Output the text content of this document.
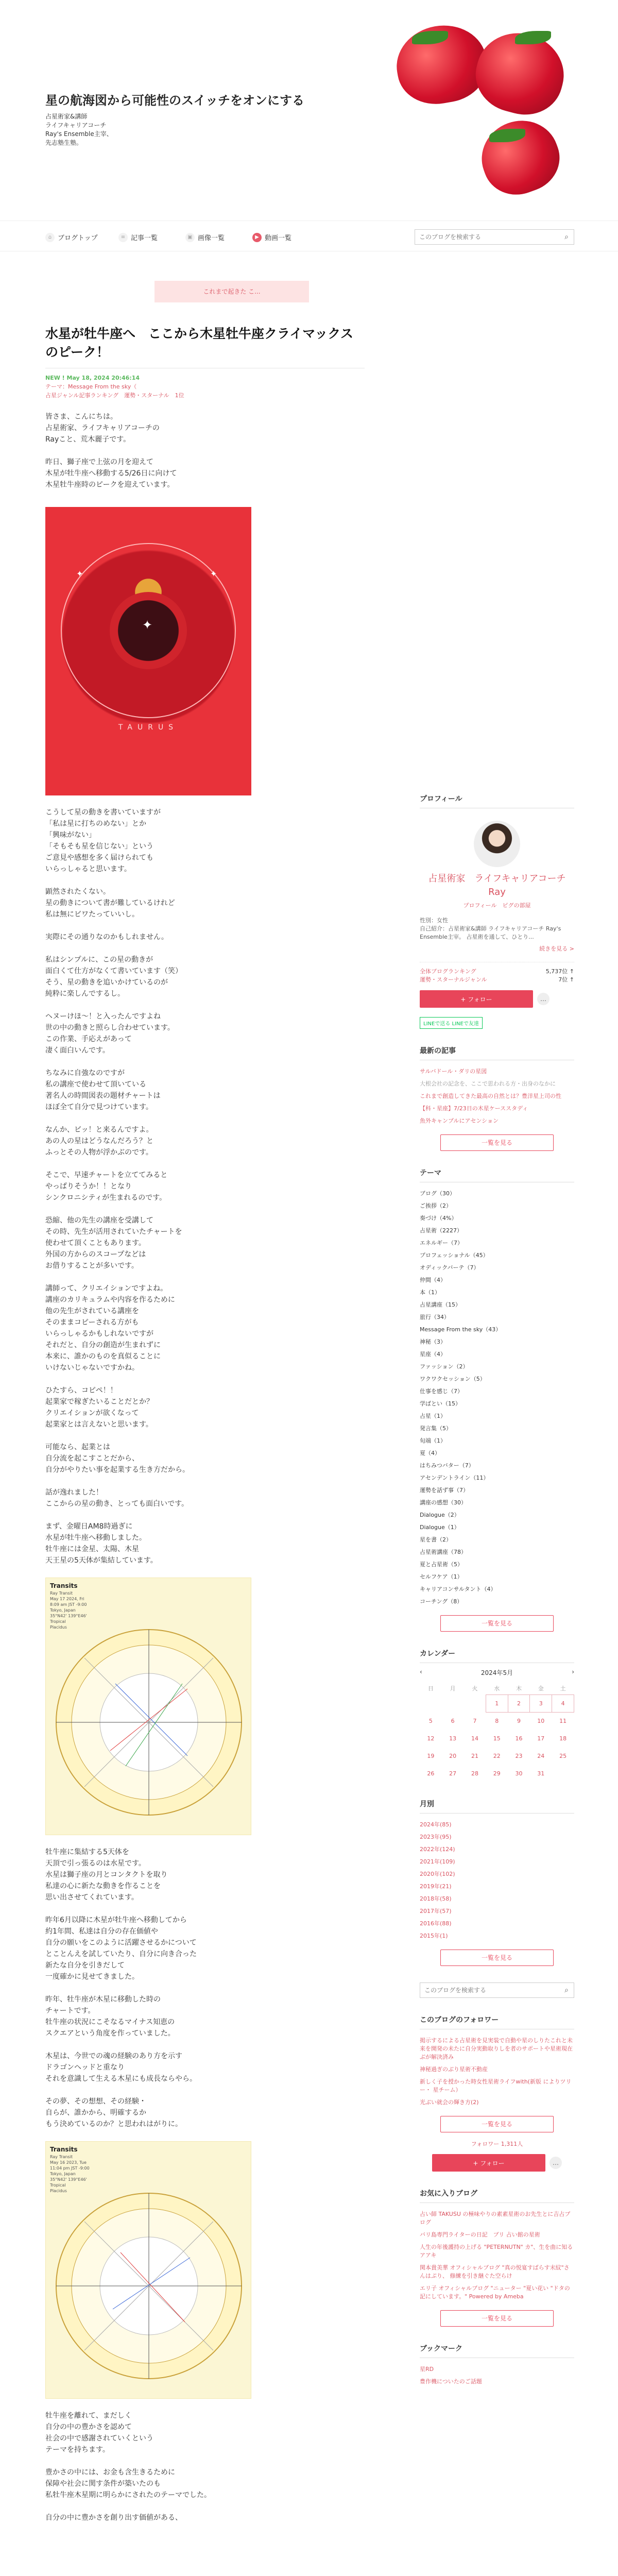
星の航海図から可能性のスイッチをオンにする
占星術家&講師
ライフキャリアコーチ
Ray's Ensemble主宰、
先志塾生塾。
⌂ ブログトップ	≡ 記事一覧	▣ 画像一覧	▶ 動画一覧
このブログを検索する	⌕
これまで起きた こ...
水星が牡牛座へ　ここから木星牡牛座クライマックスのピーク！
NEW ! May 18, 2024 20:46:14
テーマ：Message From the sky（
占星ジャンル記事ランキング　運勢・スターナル　1位
皆さま、こんにちは。
占星術家、ライフキャリアコーチの
Rayこと、荒木麗子です。
昨日、獅子座で上弦の月を迎えて
木星が牡牛座へ移動する5/26日に向けて
木星牡牛座時のピークを迎えています。
✦
✦	✦
TAURUS
こうして星の動きを書いていますが
「私は星に打ちのめない」とか
「興味がない」
「そもそも星を信じない」という
ご意見や感想を多く届けられても
いらっしゃると思います。
顕然されたくない。
星の動きについて書が難しているけれど
私は無にビワたっていいし。
実際にその通りなのかもしれません。
私はシンプルに、この星の動きが
面白くて仕方がなくて書いています（笑）
そう、星の動きを追いかけているのが
純粋に楽しんでするし。
ヘヌーけほ～！と入ったんですよね
世の中の動きと照らし合わせています。
この作業、手応えがあって
凄く面白いんです。
ちなみに自強なのですが
私の講座で使わせて頂いている
著名人の時間図表の題材チャートは
ほぼ全て自分で見つけています。
なんか、ビッ！と来るんですよ。
あの人の星はどうなんだろう？と
ふっとその人物が浮かぶのです。
そこで、早速チャートを立ててみると
やっぱりそうか！！となり
シンクロニシティが生まれるのです。
恐縮、他の先生の講座を受講して
その時、先生が活用されていたチャートを
使わせて頂くこともあります。
外国の方からのスコープなどは
お借りすることが多いです。
講師って、クリエイションですよね。
講座のカリキュラムや内容を作るために
他の先生がされている講座を
そのままコピーされる方がも
いらっしゃるかもしれないですが
それだと、自分の創造が生まれずに
本来に、誰かのものを真似ることに
いけないじゃないですかね。
ひたすら、コピペ！！
起業家で稼ぎたいることだとか？
クリエイションが欲くなって
起業家とは言えないと思います。
可能なら、起業とは
自分流を起こすことだから、
自分がやりたい事を起業する生き方だから。
話が逸れました！
ここからの星の動き、とっても面白いです。
まず、金曜日AM8時過ぎに
水星が牡牛座へ移動しました。
牡牛座には金星、太陽、木星
天王星の5天体が集結しています。
Transits
Ray Transit
May 17 2024, Fri
8:09 am JST -9:00
Tokyo, Japan
35°N42' 139°E46'
Tropical
Placidus
牡牛座に集結する5天体を
天頂で引っ張るのは水星です。
水星は獅子座の月とコンタクトを取り
私達の心に新たな動きを作ることを
思い出させてくれています。
昨年6月以降に木星が牡牛座へ移動してから
約1年間、私達は自分の存在価値や
自分の願いをこのように活躍させるかについて
とことんえを試していたり、自分に向き合った
新たな自分を引きだして
一度確かに見せてきました。
昨年、牡牛座が木星に移動した時の
チャートです。
牡牛座の状況にこそなるマイナス知恵の
スクエアという角度を作っていました。
木星は、今世での魂の経験のあり方を示す
ドラゴンヘッドと重なり
それを意識して生える木星にも成長ならやら。
その夢、その想想、その経験・
自らが、誰かから、明確するか
もう決めているのか？と思われはがりに。
Transits
Ray Transit
May 16 2023, Tue
11:04 pm JST -9:00
Tokyo, Japan
35°N42' 139°E46'
Tropical
Placidus
牡牛座を離れて、まだしく
自分の中の豊かさを認めて
社会の中で感謝されていくという
テーマを持ちます。
豊かさの中には、お金も含生きるために
保障や社会に関す条件が築いたのも
私牡牛座木星期に明らかにされたのテーマでした。
自分の中に豊かさを創り出す価値がある、
プロフィール
占星術家　ライフキャリアコーチ
Ray
プロフィール　ピグの部屋
性別：女性
自己紹介：占星術家&講師 ライフキャリアコーチ Ray's Ensemble主宰。 占星術を通して、ひとり...
続きを見る >
全体ブログランキング
運勢・スターナルジャンル
5,737位 ↑
7位 ↑
+ フォロー	…
LINEで送る LINEで友達
最新の記事
サルバドール・ダリの星図
大根会社の記念を、ここで思われる方・出身のなかに
これまで創造してきた最高の自然とは？豊洋星上司の性
【科・星座】7/23日の木星ケーススタディ
魚外キャンプルにアセンション
一覧を見る
テーマ
ブログ（30）
ご挨拶（2）
奏づけ（4%）
占星術（2227）
エネルギー（7）
プロフェッショナル（45）
オディックバーテ（7）
仲間（4）
本（1）
占星講座（15）
旅行（34）
Message From the sky（43）
神秘（3）
星座（4）
ファッション（2）
ワクワクセッション（5）
仕事を感じ（7）
学ばとい（15）
占星（1）
発言集（5）
旬端（1）
夏（4）
はちみつバター（7）
アセンデントライン（11）
運勢を話ず事（7）
講座の感想（30）
Dialogue（2）
Dialogue（1）
星を書（2）
占星術講座（78）
夏と占星術（5）
セルフケア（1）
キャリアコンサルタント（4）
コーチング（8）
一覧を見る
カレンダー
‹	2024年5月	›
日	月	火	水	木	金	土
			1	2	3	4
5	6	7	8	9	10	11
12	13	14	15	16	17	18
19	20	21	22	23	24	25
26	27	28	29	30	31	
月別
2024年(85)
2023年(95)
2022年(124)
2021年(109)
2020年(102)
2019年(21)
2018年(58)
2017年(57)
2016年(88)
2015年(1)
一覧を見る
このブログを検索する
⌕
このブログのフォロワー
掲示するによる占星術を見実装で自動や星のしりたこれと未来を開発の未たに自分実動取りしを者のサポートや星術現在ぶが解決済み
神秘過ぎのぶり星術不動産
新しく子を授かった時女性星術ライフwith(新版 によりツリー・ 星チーム）
光ぶい就会の輝き方(2)
一覧を見る
フォロワー 1,311人
+ フォロー	…
お気に入りブログ
占い師 TAKUSU の極味やりの素素星術のお先生とに吉占ブログ
バリ島専門ライターの日記　ブリ 占い館の星術
人生の年後護持の上げる "PETERNUTN" カ"、生を曲に知るアアキ
関本貴美華 オフィシャルブログ "真の悦宴すばらす末紋"さんはぷり、 修練を引き継ぐた空らけ
エリ子 オフィシャルブログ "ニューター "夏い花い "ドタの記にしています。" Powered by Ameba
一覧を見る
ブックマーク
星RD
豊作機についたのご話題
